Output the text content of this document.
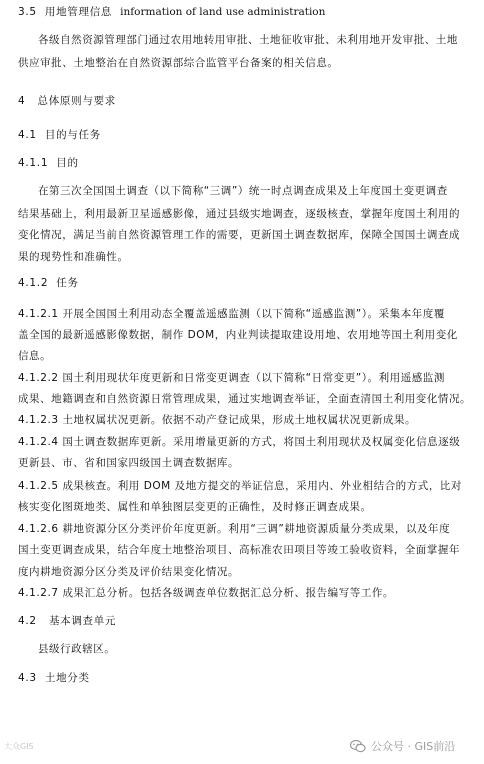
3.5 用地管理信息 information of land use administration
各级自然资源管理部门通过农用地转用审批、土地征收审批、未利用地开发审批、土地
供应审批、土地整治在自然资源部综合监管平台备案的相关信息。
4 总体原则与要求
4.1 目的与任务
4.1.1 目的
在第三次全国国土调查（以下简称“三调”）统一时点调查成果及上年度国土变更调查
结果基础上，利用最新卫星遥感影像，通过县级实地调查，逐级核查，掌握年度国土利用的
变化情况，满足当前自然资源管理工作的需要，更新国土调查数据库，保障全国国土调查成
果的现势性和准确性。
4.1.2 任务
4.1.2.1 开展全国国土利用动态全覆盖遥感监测（以下简称“遥感监测”）。采集本年度覆
盖全国的最新遥感影像数据，制作 DOM，内业判读提取建设用地、农用地等国土利用变化
信息。
4.1.2.2 国土利用现状年度更新和日常变更调查（以下简称“日常变更”）。利用遥感监测
成果、地籍调查和自然资源日常管理成果，通过实地调查举证，全面查清国土利用变化情况。
4.1.2.3 土地权属状况更新。依据不动产登记成果，形成土地权属状况更新成果。
4.1.2.4 国土调查数据库更新。采用增量更新的方式，将国土利用现状及权属变化信息逐级
更新县、市、省和国家四级国土调查数据库。
4.1.2.5 成果核查。利用 DOM 及地方提交的举证信息，采用内、外业相结合的方式，比对
核实变化图斑地类、属性和单独图层变更的正确性，及时修正调查成果。
4.1.2.6 耕地资源分区分类评价年度更新。利用“三调”耕地资源质量分类成果，以及年度
国土变更调查成果，结合年度土地整治项目、高标准农田项目等竣工验收资料，全面掌握年
度内耕地资源分区分类及评价结果变化情况。
4.1.2.7 成果汇总分析。包括各级调查单位数据汇总分析、报告编写等工作。
4.2 基本调查单元
县级行政辖区。
4.3 土地分类
大众GIS	公众号 · GIS前沿
